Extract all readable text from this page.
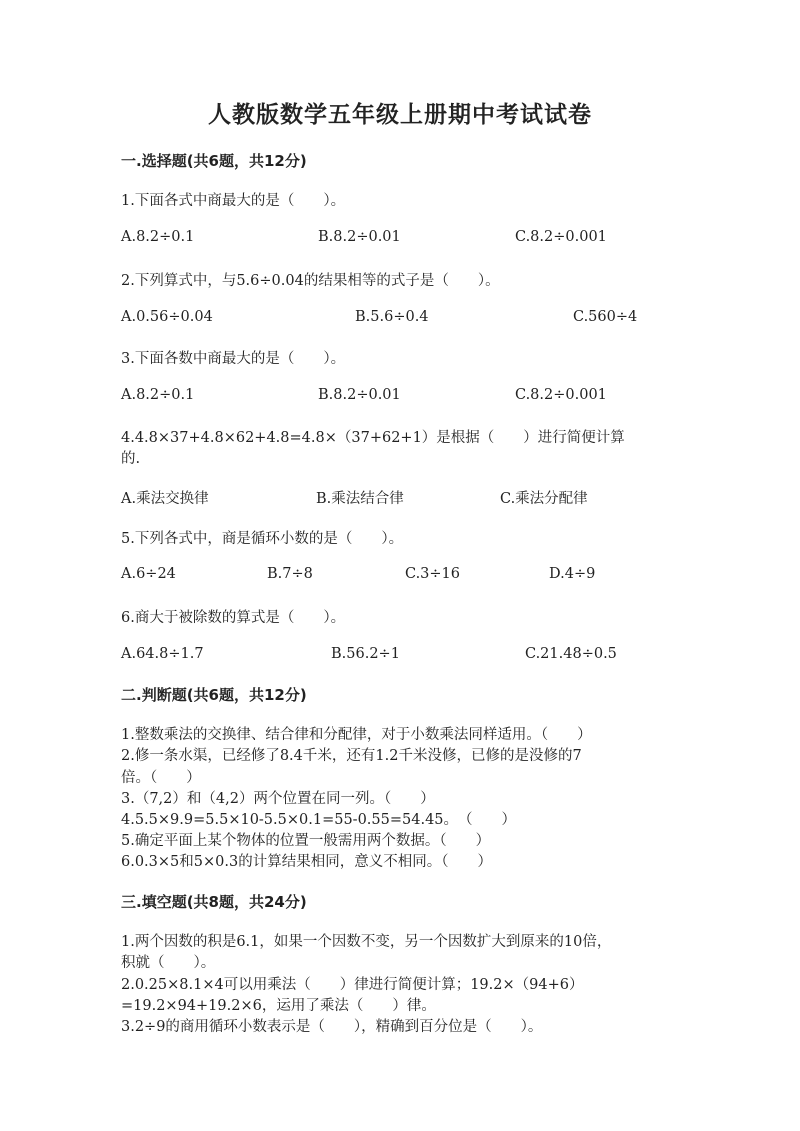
人教版数学五年级上册期中考试试卷
一.选择题(共6题，共12分)
1.下面各式中商最大的是（　　）。
A.8.2÷0.1	B.8.2÷0.01	C.8.2÷0.001
2.下列算式中，与5.6÷0.04的结果相等的式子是（　　）。
A.0.56÷0.04	B.5.6÷0.4	C.560÷4
3.下面各数中商最大的是（　　）。
A.8.2÷0.1	B.8.2÷0.01	C.8.2÷0.001
4.4.8×37+4.8×62+4.8=4.8×（37+62+1）是根据（　　）进行简便计算
的.
A.乘法交换律	B.乘法结合律	C.乘法分配律
5.下列各式中，商是循环小数的是（　　）。
A.6÷24	B.7÷8	C.3÷16	D.4÷9
6.商大于被除数的算式是（　　）。
A.64.8÷1.7	B.56.2÷1	C.21.48÷0.5
二.判断题(共6题，共12分)
1.整数乘法的交换律、结合律和分配律，对于小数乘法同样适用。（　　）
2.修一条水渠，已经修了8.4千米，还有1.2千米没修，已修的是没修的7
倍。（　　）
3.（7,2）和（4,2）两个位置在同一列。（　　）
4.5.5×9.9=5.5×10-5.5×0.1=55-0.55=54.45。　（　　）
5.确定平面上某个物体的位置一般需用两个数据。（　　）
6.0.3×5和5×0.3的计算结果相同，意义不相同。（　　）
三.填空题(共8题，共24分)
1.两个因数的积是6.1，如果一个因数不变，另一个因数扩大到原来的10倍，
积就（　　）。
2.0.25×8.1×4可以用乘法（　　）律进行简便计算；19.2×（94+6）
=19.2×94+19.2×6，运用了乘法（　　）律。
3.2÷9的商用循环小数表示是（　　），精确到百分位是（　　）。
